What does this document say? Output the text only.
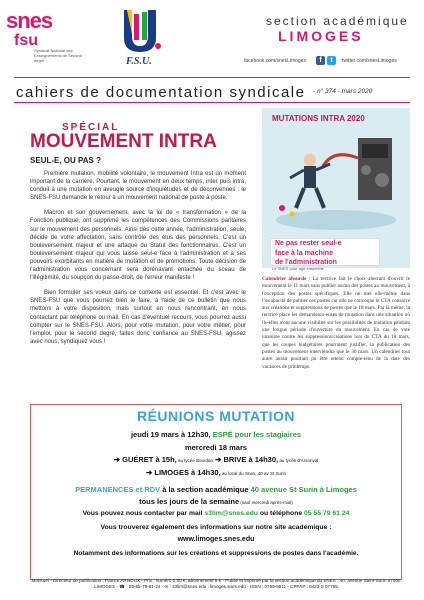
snes
fsu
Syndicat National des Enseignements de Second degré	F.S.U.
section académique
LIMOGES
facebook.com/snesLimoges	f	t	twitter.com/snesLimoges
cahiers de documentation syndicale - n° 374 - mars 2020
SPÉCIAL
MOUVEMENT INTRA
SEUL-E, OU PAS ?

Première mutation, mobilité volontaire, le mouvement Intra est un moment important de la carrière. Pourtant, le mouvement en deux temps, inter puis intra, conduit à une mutation en aveugle source d'inquiétudes et de déconvenues : le SNES-FSU demande le retour à un mouvement national de poste à poste.

Macron et son gouvernement, avec la loi de « transformation » de la Fonction publique, ont supprimé les compétences des Commissions paritaires sur le mouvement des personnels. Ainsi dès cette année, l'administration, seule, décide de votre affectation, sans contrôle des élus des personnels. C'est un bouleversement majeur et une attaque du Statut des fonctionnaires. C'est un bouleversement majeur qui vous laisse seul-e face à l'administration et à ses pouvoirs exorbitants en matière de mutation et de promotions. Toute décision de l'administration vous concernant sera dorénavant entachée du sceau de l'illégitimité, du soupçon du passe-droit, de l'erreur manifeste !

Bien formuler ses voeux dans ce contexte est essentiel. Et c'est avec le SNES-FSU que vous pourrez bien le faire, à l'aide de ce bulletin que nous mettons à votre disposition, mais surtout en nous rencontrant, en nous contactant par téléphone ou mail. En cas d'éventuel recours, vous pourrez aussi compter sur le SNES-FSU. Alors, pour votre mutation, pour votre métier, pour l'emploi, pour le second degré, faites donc confiance au SNES-FSU, agissez avec nous, syndiquez vous !

MUTATIONS INTRA 2020
Ne pas rester seul-e
face à la machine
de l'administration
Le SNES pour agir ensemble
Calendrier absurde : La rectrice fait le choix aberrant d'ouvrir le mouvement le 11 mars sans publier aucun des postes au mouvement, à l'exception des postes spécifiques. Elle ne met elle-même dans l'incapacité de publier ces postes car elle ne convoque le CTA consacré aux créations et suppressions de postes que le 18 mars. Par là même, la rectrice place les demandeurs-euses de mutation dans une situation où ils-elles n'ont aucune visibilité sur les possibilités de mutation pendant une longue période d'ouverture du mouvement. En cas de vote unanime contre les suppressions/créations lors du CTA du 18 mars, que les coupes budgétaires pourraient justifier, la publication des postes au mouvement interviendra que le 30 mars. Un calendrier tout autre aurait pourtant pu être retenu compte-tenu de la date des vacances de printemps.
RÉUNIONS MUTATION
jeudi 19 mars à 12h30, ESPÉ pour les stagiaires
mercredi 18 mars
➔ GUÉRET à 15h, au lycée Bourdan ➔ BRIVE à 14h30, au lycée d'Arsonval
➔ LIMOGES à 14h30, au local du Snes, 40 av St Surin
PERMANENCES et RDV à la section académique 40 avenue St Surin à Limoges
tous les jours de la semaine (sauf mercredi après-midi)
Vous pouvez nous contacter par mail s3lim@snes.edu ou téléphone 05 55 79 61 24
Vous trouverez également des informations sur notre site académique :
www.limoges.snes.edu
Notamment des informations sur les créations et suppressions de postes dans l'académie.
Mensuel - Directeur de publication : Patrice ARNOUX - Prix : numéro 0,50 €, abonnement 5 € - Publié et imprimé par la section académique du SNES : 40, avenue Saint-Surin 87000 LIMOGES - ☎ : 05-55-79-61-24 - ✉ : s3lim@snes.edu , limoges.snes.edu - ISSN : 0759-9811 - CPPAP : 0423 S 07785
